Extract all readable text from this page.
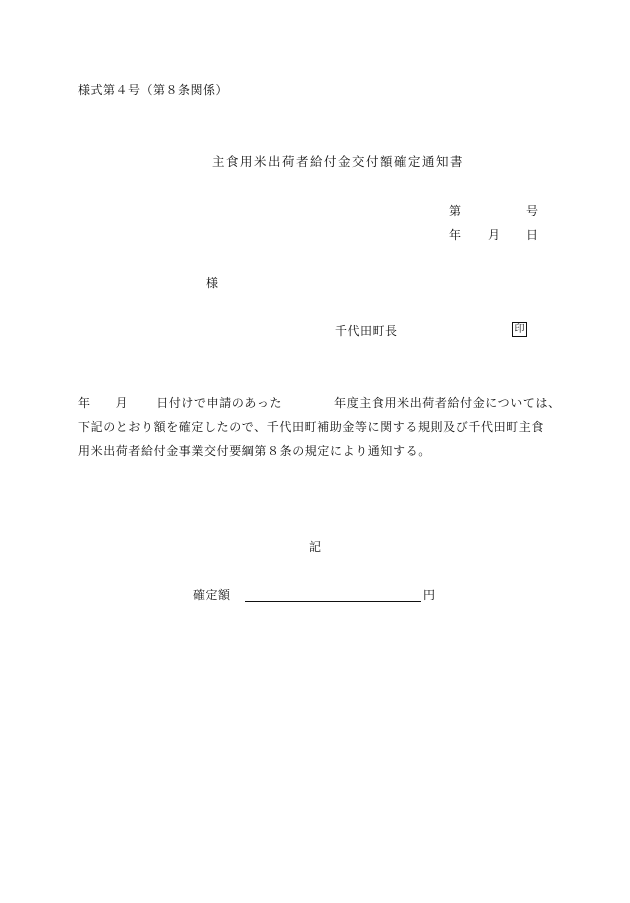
様式第４号（第８条関係）
主食用米出荷者給付金交付額確定通知書
第	号
年 月 日
様
千代田町長	印
年 月 日付けで申請のあった	年度主食用米出荷者給付金については、
下記のとおり額を確定したので、千代田町補助金等に関する規則及び千代田町主食
用米出荷者給付金事業交付要綱第８条の規定により通知する。
記
確定額	円
